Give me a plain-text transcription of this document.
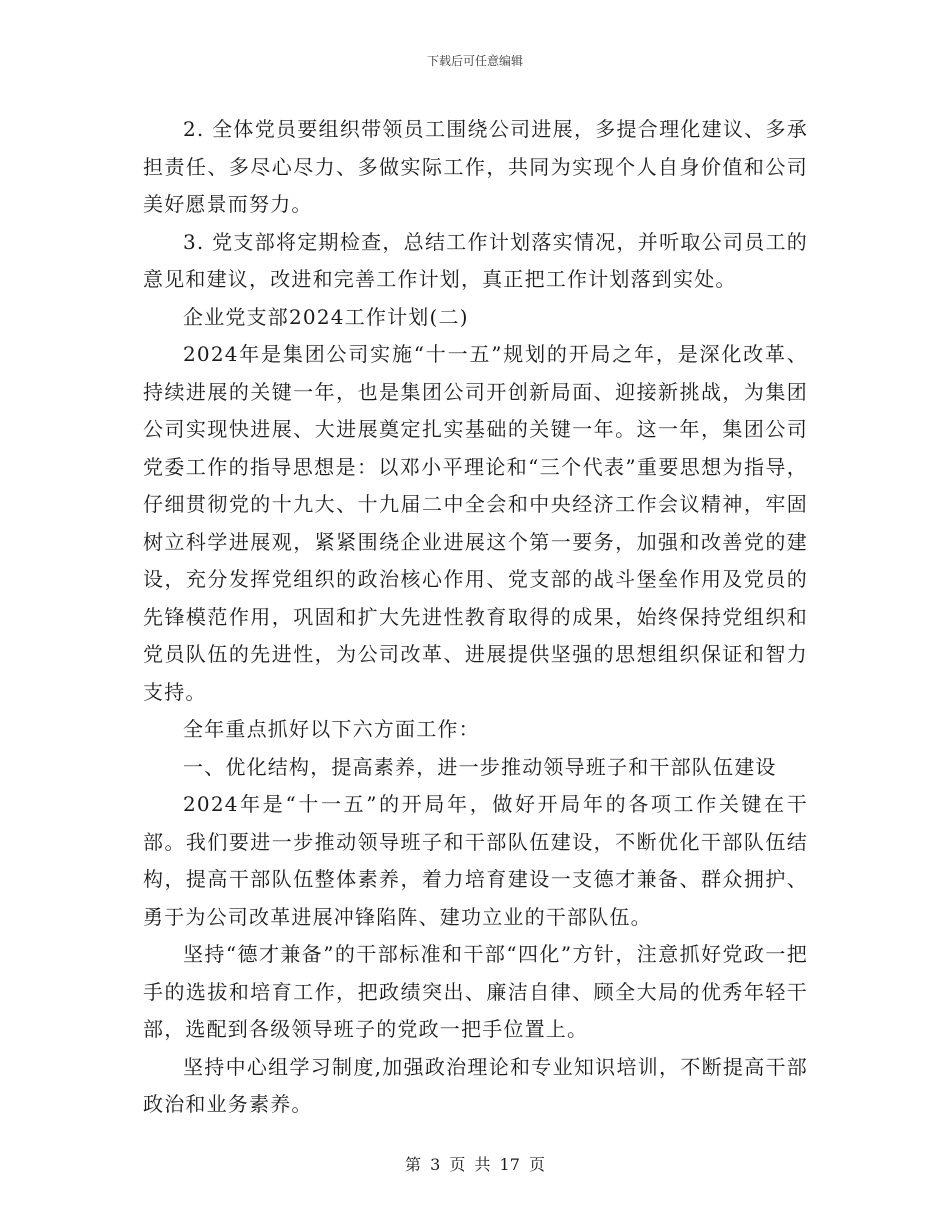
下载后可任意编辑

2. 全体党员要组织带领员工围绕公司进展，多提合理化建议、多承担责任、多尽心尽力、多做实际工作，共同为实现个人自身价值和公司美好愿景而努力。

3. 党支部将定期检查，总结工作计划落实情况，并听取公司员工的意见和建议，改进和完善工作计划，真正把工作计划落到实处。

企业党支部2024工作计划(二)

2024年是集团公司实施“十一五”规划的开局之年，是深化改革、持续进展的关键一年，也是集团公司开创新局面、迎接新挑战，为集团公司实现快进展、大进展奠定扎实基础的关键一年。这一年，集团公司党委工作的指导思想是：以邓小平理论和“三个代表”重要思想为指导，仔细贯彻党的十九大、十九届二中全会和中央经济工作会议精神，牢固树立科学进展观，紧紧围绕企业进展这个第一要务，加强和改善党的建设，充分发挥党组织的政治核心作用、党支部的战斗堡垒作用及党员的先锋模范作用，巩固和扩大先进性教育取得的成果，始终保持党组织和党员队伍的先进性，为公司改革、进展提供坚强的思想组织保证和智力支持。

全年重点抓好以下六方面工作：

一、优化结构，提高素养，进一步推动领导班子和干部队伍建设

2024年是“十一五”的开局年，做好开局年的各项工作关键在干部。我们要进一步推动领导班子和干部队伍建设，不断优化干部队伍结构，提高干部队伍整体素养，着力培育建设一支德才兼备、群众拥护、勇于为公司改革进展冲锋陷阵、建功立业的干部队伍。

坚持“德才兼备”的干部标准和干部“四化”方针，注意抓好党政一把手的选拔和培育工作，把政绩突出、廉洁自律、顾全大局的优秀年轻干部，选配到各级领导班子的党政一把手位置上。

坚持中心组学习制度,加强政治理论和专业知识培训，不断提高干部政治和业务素养。

第 3 页 共 17 页
